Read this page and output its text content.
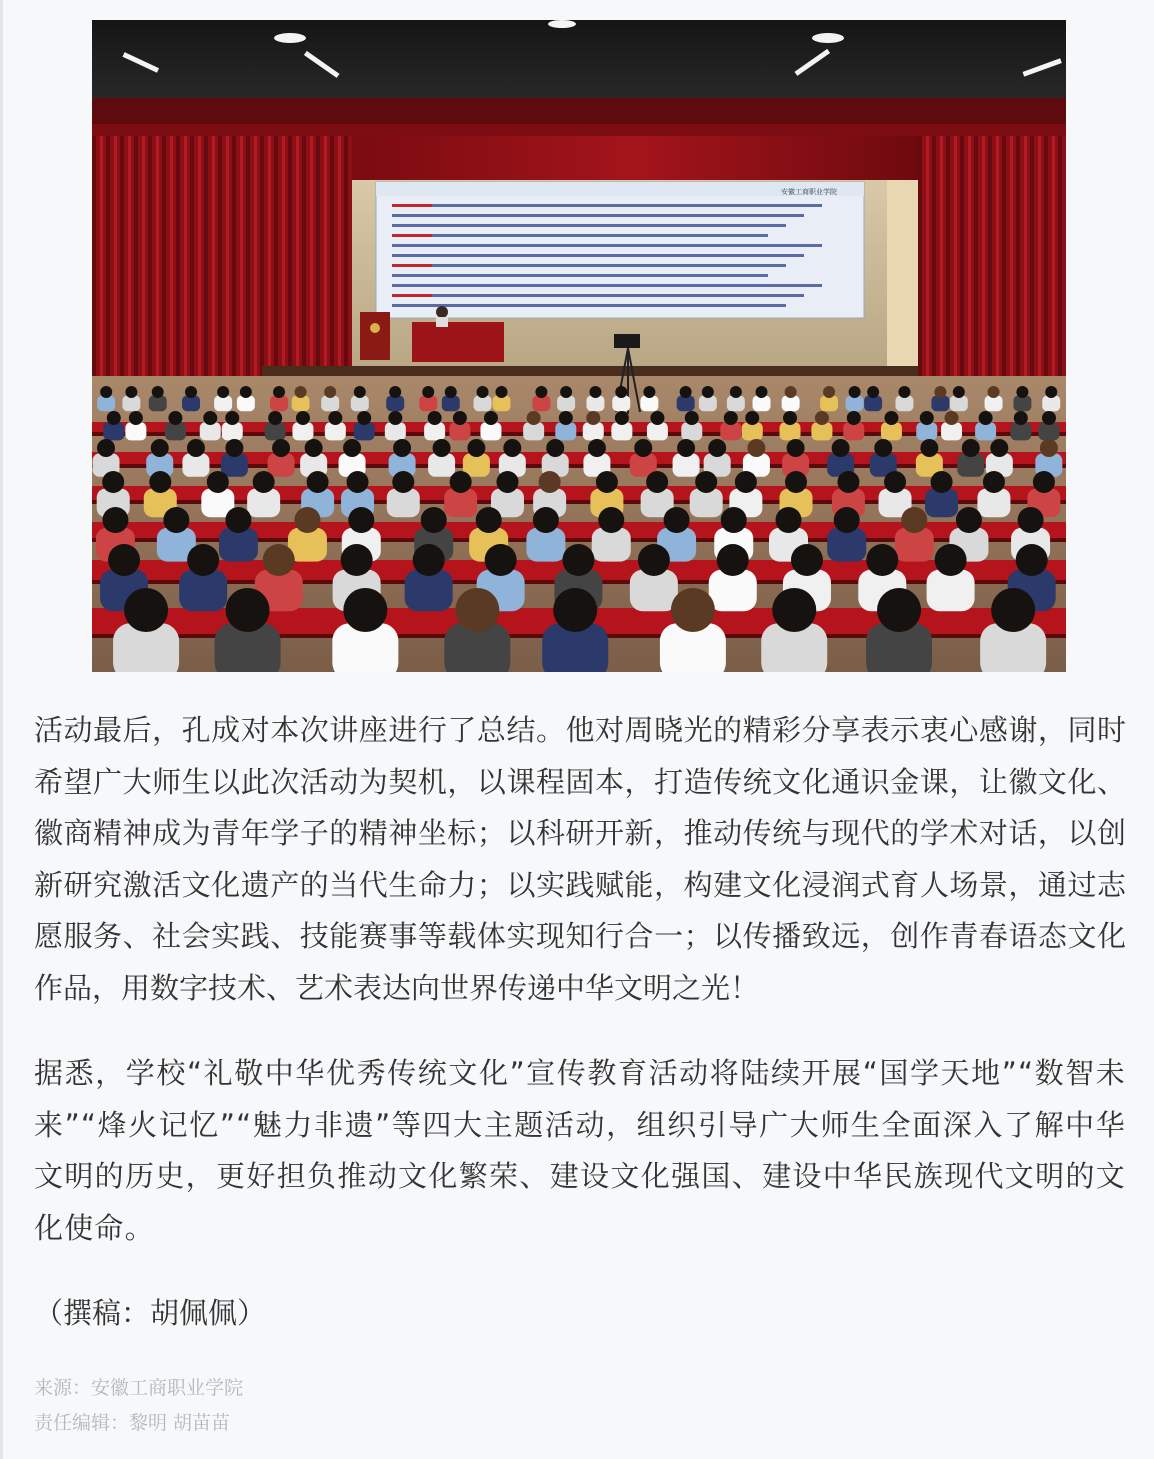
安徽工商职业学院

活动最后，孔成对本次讲座进行了总结。他对周晓光的精彩分享表示衷心感谢，同时希望广大师生以此次活动为契机，以课程固本，打造传统文化通识金课，让徽文化、徽商精神成为青年学子的精神坐标；以科研开新，推动传统与现代的学术对话，以创新研究激活文化遗产的当代生命力；以实践赋能，构建文化浸润式育人场景，通过志愿服务、社会实践、技能赛事等载体实现知行合一；以传播致远，创作青春语态文化作品，用数字技术、艺术表达向世界传递中华文明之光！

据悉，学校“礼敬中华优秀传统文化”宣传教育活动将陆续开展“国学天地”“数智未来”“烽火记忆”“魅力非遗”等四大主题活动，组织引导广大师生全面深入了解中华文明的历史，更好担负推动文化繁荣、建设文化强国、建设中华民族现代文明的文化使命。

（撰稿：胡佩佩）

来源：安徽工商职业学院

责任编辑：黎明 胡苗苗
